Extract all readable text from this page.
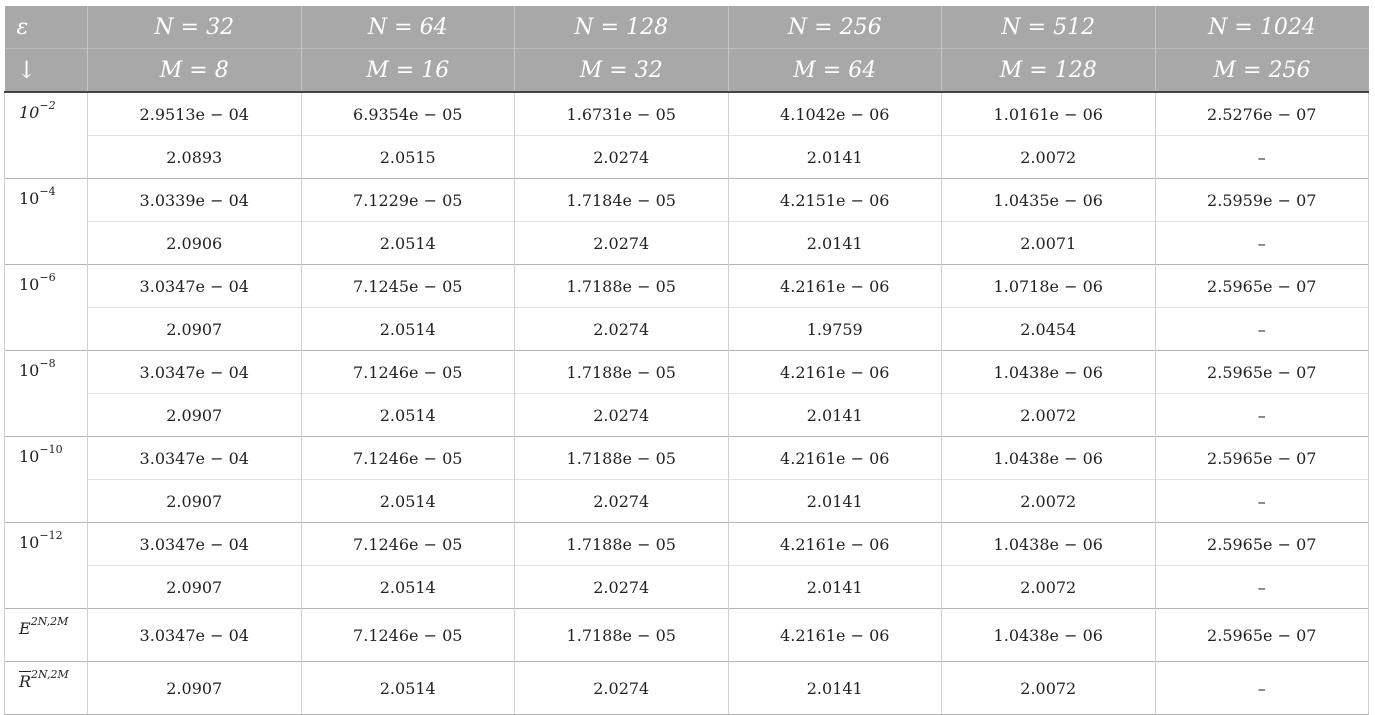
ε	N = 32	N = 64	N = 128	N = 256	N = 512	N = 1024
↓	M = 8	M = 16	M = 32	M = 64	M = 128	M = 256
$10^{-2}$	2.9513e − 04	6.9354e − 05	1.6731e − 05	4.1042e − 06	1.0161e − 06	2.5276e − 07
	2.0893	2.0515	2.0274	2.0141	2.0072	–
$10^{-4}$	3.0339e − 04	7.1229e − 05	1.7184e − 05	4.2151e − 06	1.0435e − 06	2.5959e − 07
	2.0906	2.0514	2.0274	2.0141	2.0071	–
$10^{-6}$	3.0347e − 04	7.1245e − 05	1.7188e − 05	4.2161e − 06	1.0718e − 06	2.5965e − 07
	2.0907	2.0514	2.0274	1.9759	2.0454	–
$10^{-8}$	3.0347e − 04	7.1246e − 05	1.7188e − 05	4.2161e − 06	1.0438e − 06	2.5965e − 07
	2.0907	2.0514	2.0274	2.0141	2.0072	–
$10^{-10}$	3.0347e − 04	7.1246e − 05	1.7188e − 05	4.2161e − 06	1.0438e − 06	2.5965e − 07
	2.0907	2.0514	2.0274	2.0141	2.0072	–
$10^{-12}$	3.0347e − 04	7.1246e − 05	1.7188e − 05	4.2161e − 06	1.0438e − 06	2.5965e − 07
	2.0907	2.0514	2.0274	2.0141	2.0072	–
$E^{2N,2M}$	3.0347e − 04	7.1246e − 05	1.7188e − 05	4.2161e − 06	1.0438e − 06	2.5965e − 07
$\overline{R}^{2N,2M}$	2.0907	2.0514	2.0274	2.0141	2.0072	–
